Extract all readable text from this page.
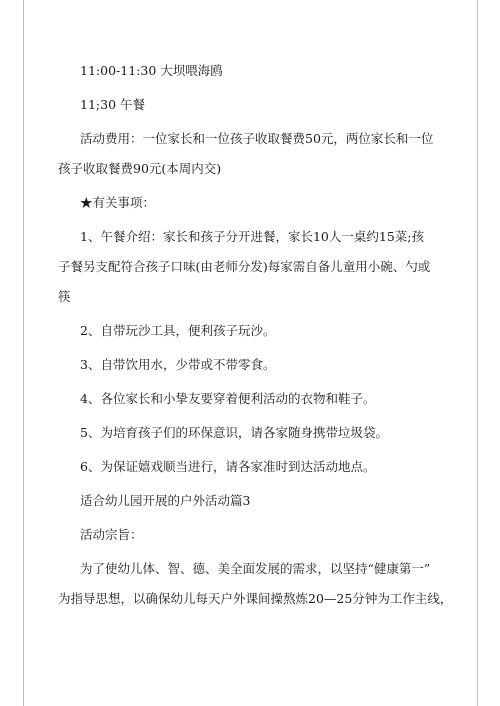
11:00-11:30 大坝喂海鸥

11;30 午餐

活动费用：一位家长和一位孩子收取餐费50元，两位家长和一位

孩子收取餐费90元(本周内交)

★有关事项：

1、午餐介绍：家长和孩子分开进餐，家长10人一桌约15菜;孩

子餐另支配符合孩子口味(由老师分发)每家需自备儿童用小碗、勺或

筷

2、自带玩沙工具，便利孩子玩沙。

3、自带饮用水，少带或不带零食。

4、各位家长和小挚友要穿着便利活动的衣物和鞋子。

5、为培育孩子们的环保意识，请各家随身携带垃圾袋。

6、为保证嬉戏顺当进行，请各家准时到达活动地点。

适合幼儿园开展的户外活动篇3

活动宗旨：

为了使幼儿体、智、德、美全面发展的需求，以坚持“健康第一”

为指导思想，以确保幼儿每天户外课间操熬炼20—25分钟为工作主线，
